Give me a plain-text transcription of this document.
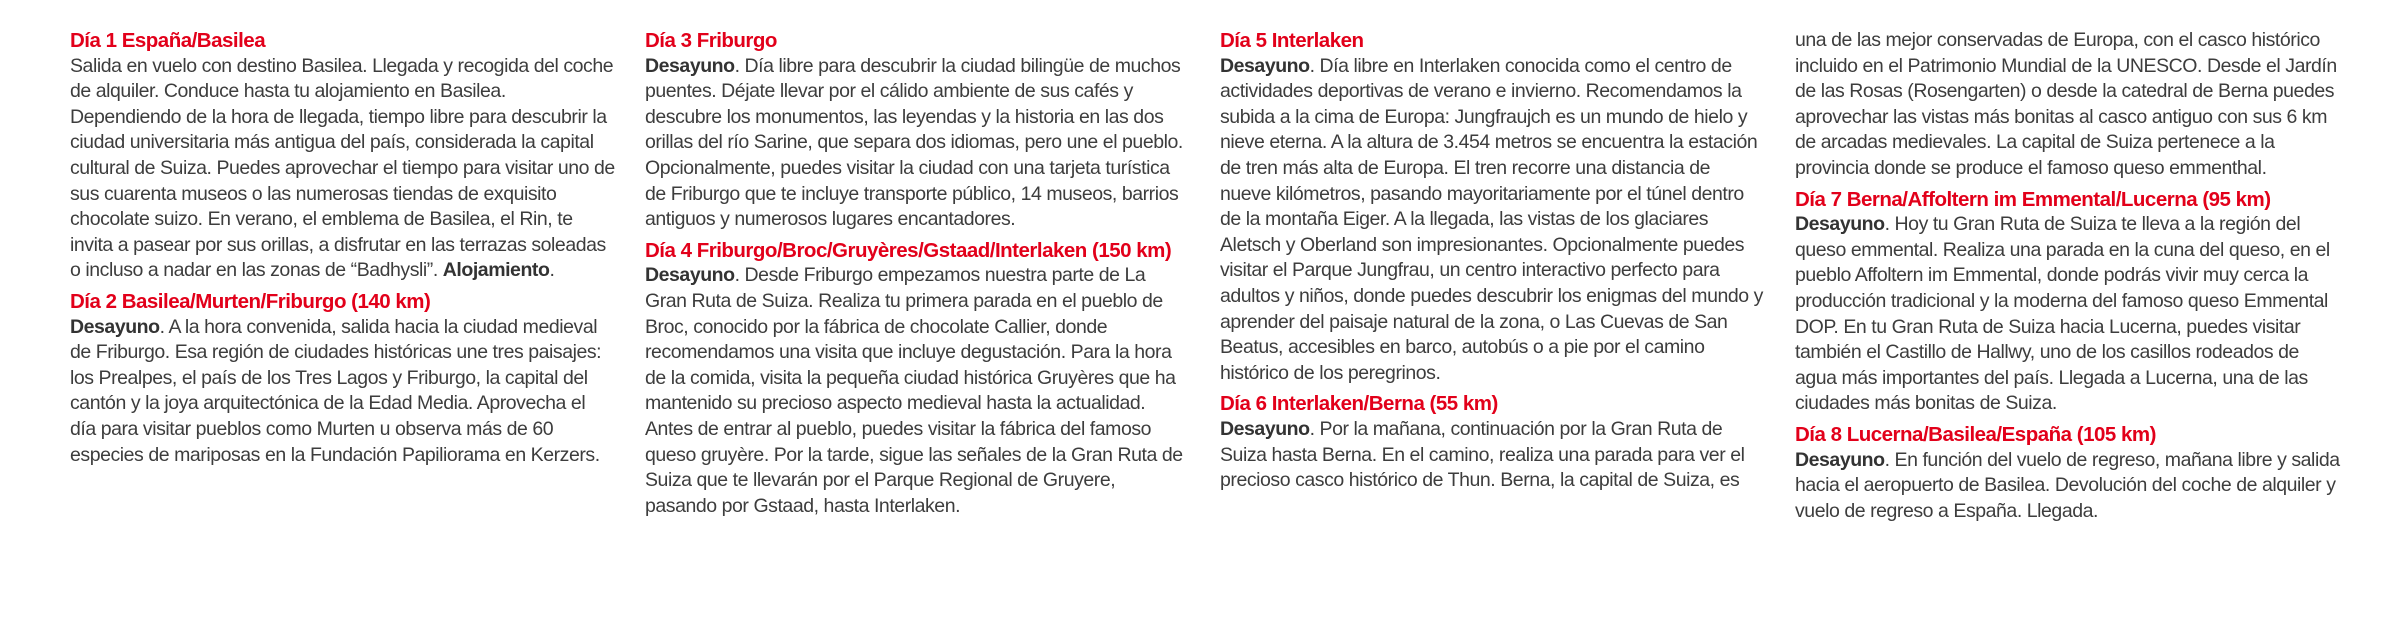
Día 1 España/Basilea

Salida en vuelo con destino Basilea. Llegada y recogida del coche de alquiler. Conduce hasta tu alojamiento en Basilea. Dependiendo de la hora de llegada, tiempo libre para descubrir la ciudad universitaria más antigua del país, considerada la capital cultural de Suiza. Puedes aprovechar el tiempo para visitar uno de sus cuarenta museos o las numerosas tiendas de exquisito chocolate suizo. En verano, el emblema de Basilea, el Rin, te invita a pasear por sus orillas, a disfrutar en las terrazas soleadas o incluso a nadar en las zonas de “Badhysli”. Alojamiento.

Día 2 Basilea/Murten/Friburgo (140 km)

Desayuno. A la hora convenida, salida hacia la ciudad medieval de Friburgo. Esa región de ciudades históricas une tres paisajes: los Prealpes, el país de los Tres Lagos y Friburgo, la capital del cantón y la joya arquitectónica de la Edad Media. Aprovecha el día para visitar pueblos como Murten u observa más de 60 especies de mariposas en la Fundación Papiliorama en Kerzers.

Día 3 Friburgo

Desayuno. Día libre para descubrir la ciudad bilingüe de muchos puentes. Déjate llevar por el cálido ambiente de sus cafés y descubre los monumentos, las leyendas y la historia en las dos orillas del río Sarine, que separa dos idiomas, pero une el pueblo. Opcionalmente, puedes visitar la ciudad con una tarjeta turística de Friburgo que te incluye transporte público, 14 museos, barrios antiguos y numerosos lugares encantadores.

Día 4 Friburgo/Broc/Gruyères/Gstaad/Interlaken (150 km)

Desayuno. Desde Friburgo empezamos nuestra parte de La Gran Ruta de Suiza. Realiza tu primera parada en el pueblo de Broc, conocido por la fábrica de chocolate Callier, donde recomendamos una visita que incluye degustación. Para la hora de la comida, visita la pequeña ciudad histórica Gruyères que ha mantenido su precioso aspecto medieval hasta la actualidad. Antes de entrar al pueblo, puedes visitar la fábrica del famoso queso gruyère. Por la tarde, sigue las señales de la Gran Ruta de Suiza que te llevarán por el Parque Regional de Gruyere, pasando por Gstaad, hasta Interlaken.

Día 5 Interlaken

Desayuno. Día libre en Interlaken conocida como el centro de actividades deportivas de verano e invierno. Recomendamos la subida a la cima de Europa: Jungfraujch es un mundo de hielo y nieve eterna. A la altura de 3.454 metros se encuentra la estación de tren más alta de Europa. El tren recorre una distancia de nueve kilómetros, pasando mayoritariamente por el túnel dentro de la montaña Eiger. A la llegada, las vistas de los glaciares Aletsch y Oberland son impresionantes. Opcionalmente puedes visitar el Parque Jungfrau, un centro interactivo perfecto para adultos y niños, donde puedes descubrir los enigmas del mundo y aprender del paisaje natural de la zona, o Las Cuevas de San Beatus, accesibles en barco, autobús o a pie por el camino histórico de los peregrinos.

Día 6 Interlaken/Berna (55 km)

Desayuno. Por la mañana, continuación por la Gran Ruta de Suiza hasta Berna. En el camino, realiza una parada para ver el precioso casco histórico de Thun. Berna, la capital de Suiza, es

una de las mejor conservadas de Europa, con el casco histórico incluido en el Patrimonio Mundial de la UNESCO. Desde el Jardín de las Rosas (Rosengarten) o desde la catedral de Berna puedes aprovechar las vistas más bonitas al casco antiguo con sus 6 km de arcadas medievales. La capital de Suiza pertenece a la provincia donde se produce el famoso queso emmenthal.

Día 7 Berna/Affoltern im Emmental/Lucerna (95 km)

Desayuno. Hoy tu Gran Ruta de Suiza te lleva a la región del queso emmental. Realiza una parada en la cuna del queso, en el pueblo Affoltern im Emmental, donde podrás vivir muy cerca la producción tradicional y la moderna del famoso queso Emmental DOP. En tu Gran Ruta de Suiza hacia Lucerna, puedes visitar también el Castillo de Hallwy, uno de los casillos rodeados de agua más importantes del país. Llegada a Lucerna, una de las ciudades más bonitas de Suiza.

Día 8 Lucerna/Basilea/España (105 km)

Desayuno. En función del vuelo de regreso, mañana libre y salida hacia el aeropuerto de Basilea. Devolución del coche de alquiler y vuelo de regreso a España. Llegada.
